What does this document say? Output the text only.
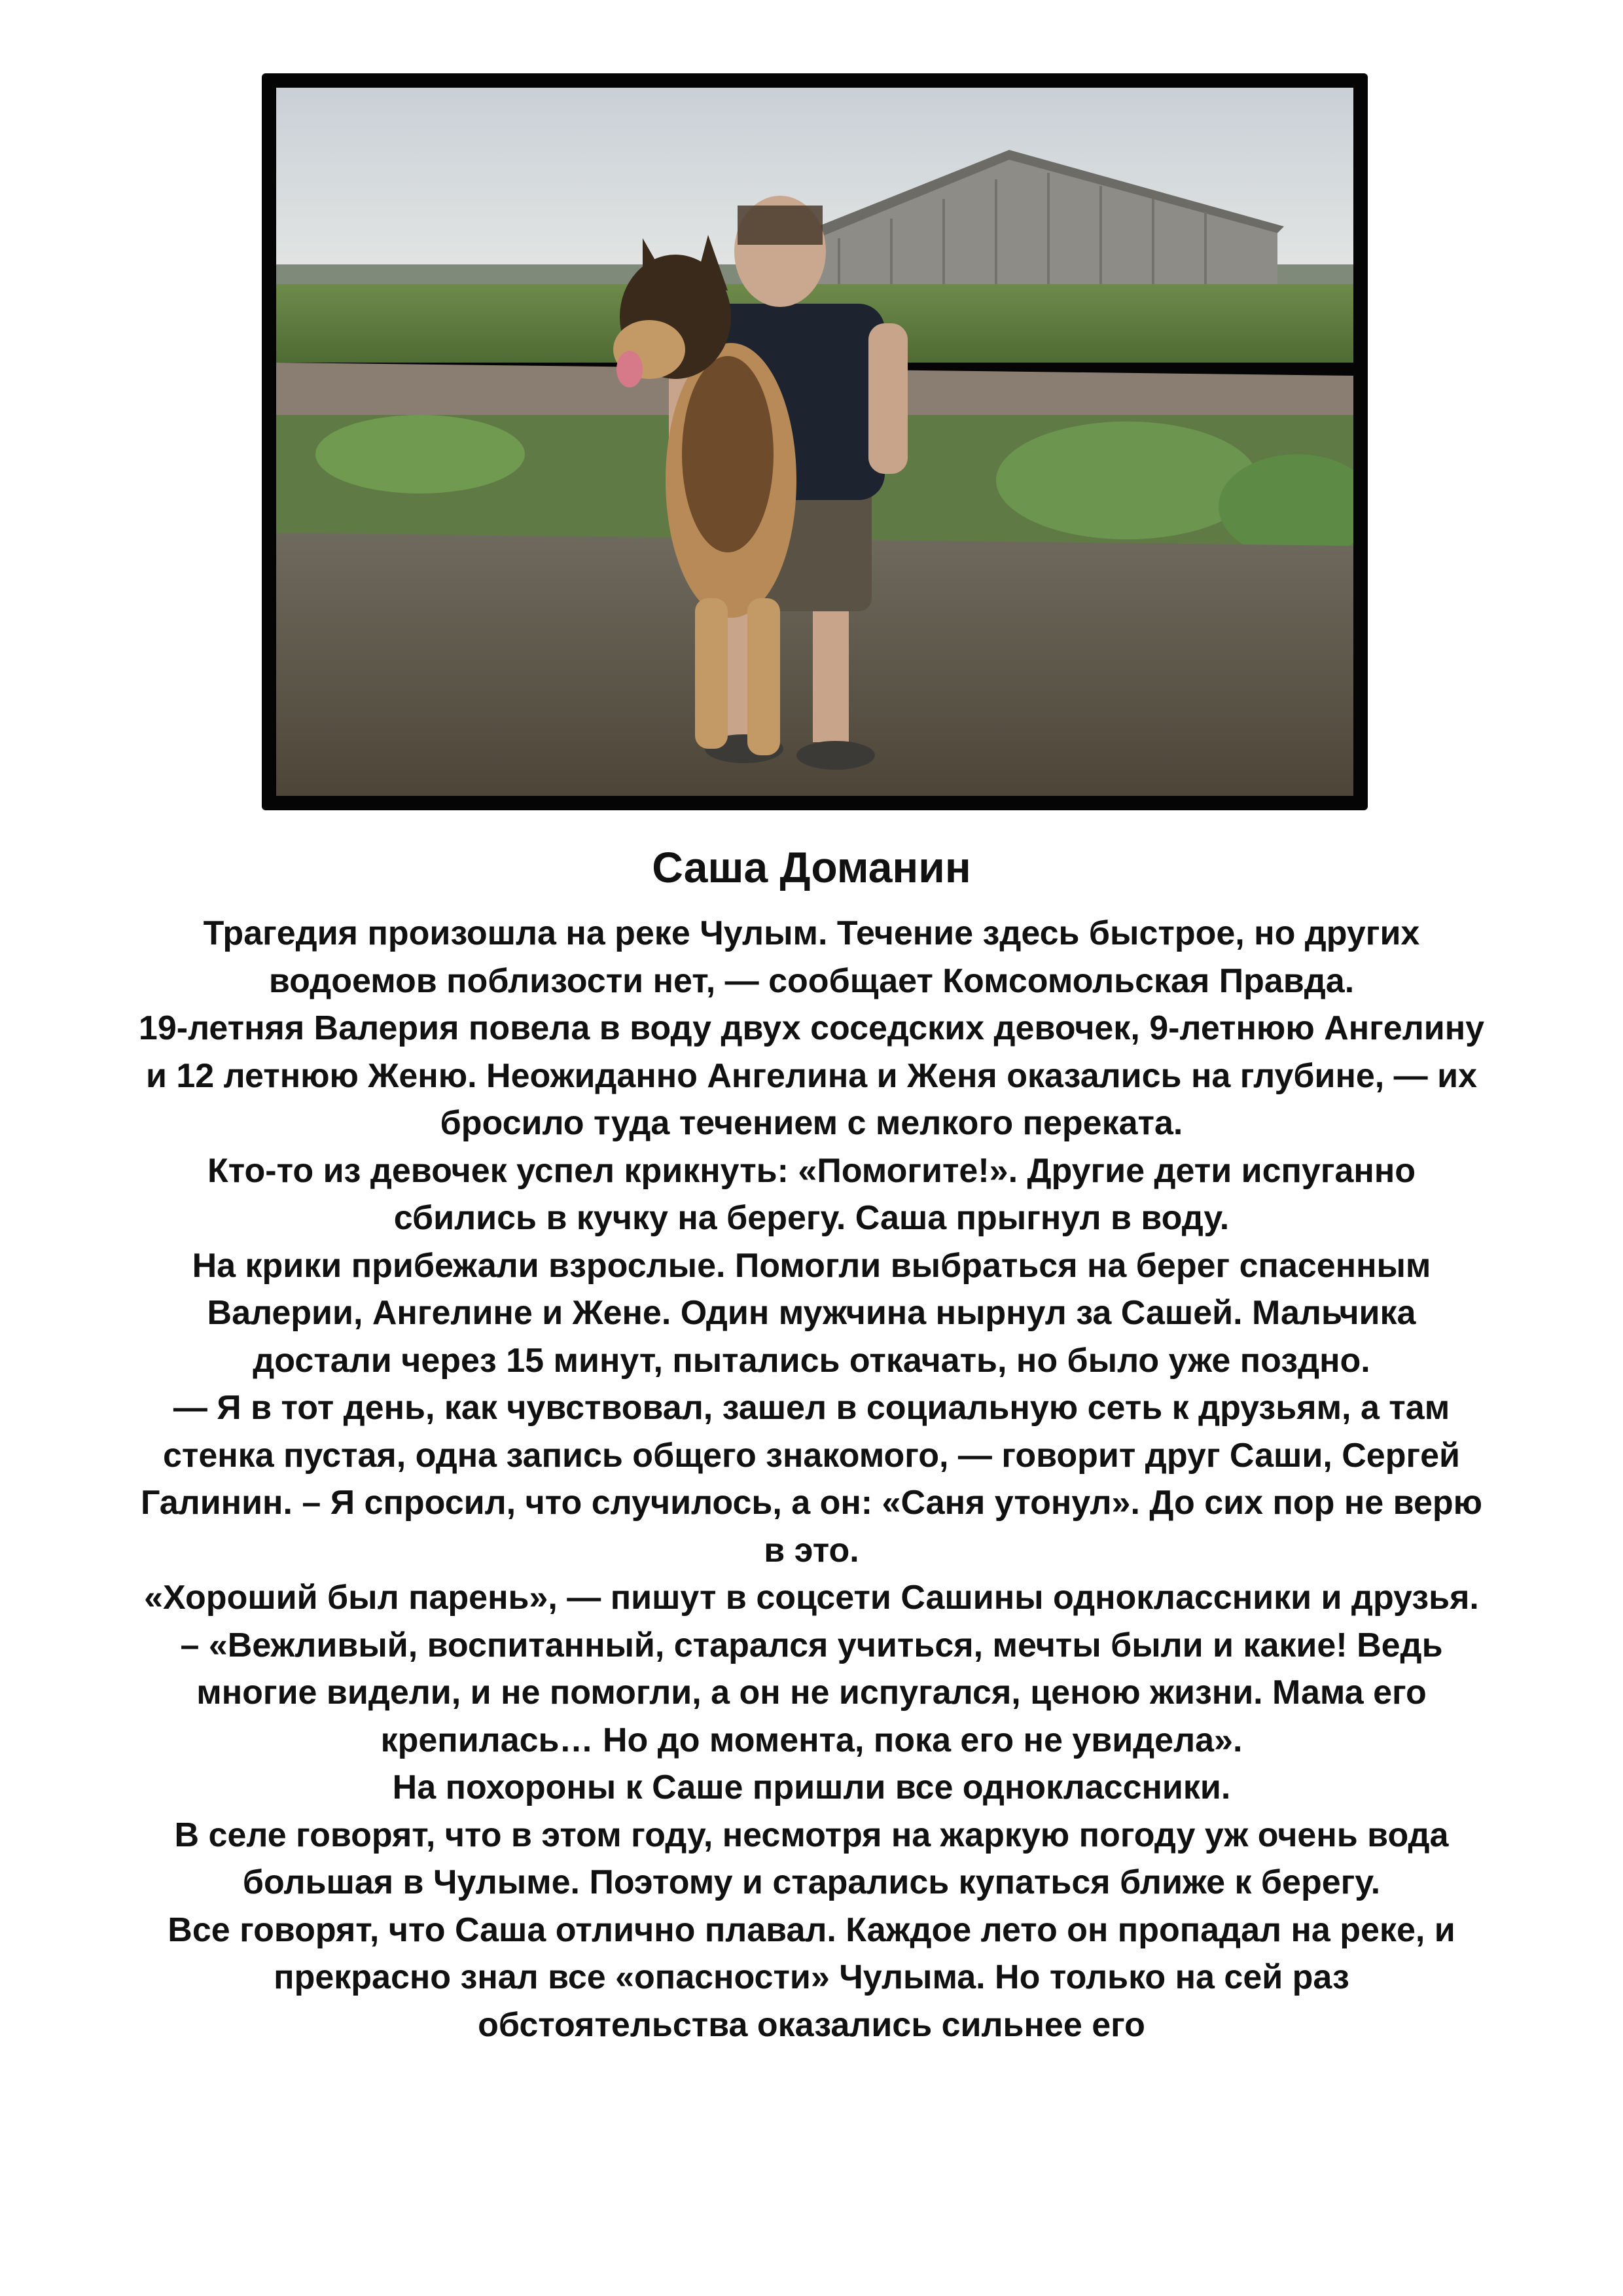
Саша Доманин

Трагедия произошла на реке Чулым. Течение здесь быстрое, но других водоемов поблизости нет, — сообщает Комсомольская Правда.

19-летняя Валерия повела в воду двух соседских девочек, 9-летнюю Ангелину и 12 летнюю Женю. Неожиданно Ангелина и Женя оказались на глубине, — их бросило туда течением с мелкого переката.

Кто-то из девочек успел крикнуть: «Помогите!». Другие дети испуганно сбились в кучку на берегу. Саша прыгнул в воду.

На крики прибежали взрослые. Помогли выбраться на берег спасенным Валерии, Ангелине и Жене. Один мужчина нырнул за Сашей. Мальчика достали через 15 минут, пытались откачать, но было уже поздно.

— Я в тот день, как чувствовал, зашел в социальную сеть к друзьям, а там стенка пустая, одна запись общего знакомого, — говорит друг Саши, Сергей Галинин. – Я спросил, что случилось, а он: «Саня утонул». До сих пор не верю в это.

«Хороший был парень», — пишут в соцсети Сашины одноклассники и друзья. – «Вежливый, воспитанный, старался учиться, мечты были и какие! Ведь многие видели, и не помогли, а он не испугался, ценою жизни. Мама его крепилась… Но до момента, пока его не увидела».

На похороны к Саше пришли все одноклассники.

В селе говорят, что в этом году, несмотря на жаркую погоду уж очень вода большая в Чулыме. Поэтому и старались купаться ближе к берегу.

Все говорят, что Саша отлично плавал. Каждое лето он пропадал на реке, и прекрасно знал все «опасности» Чулыма. Но только на сей раз обстоятельства оказались сильнее его
